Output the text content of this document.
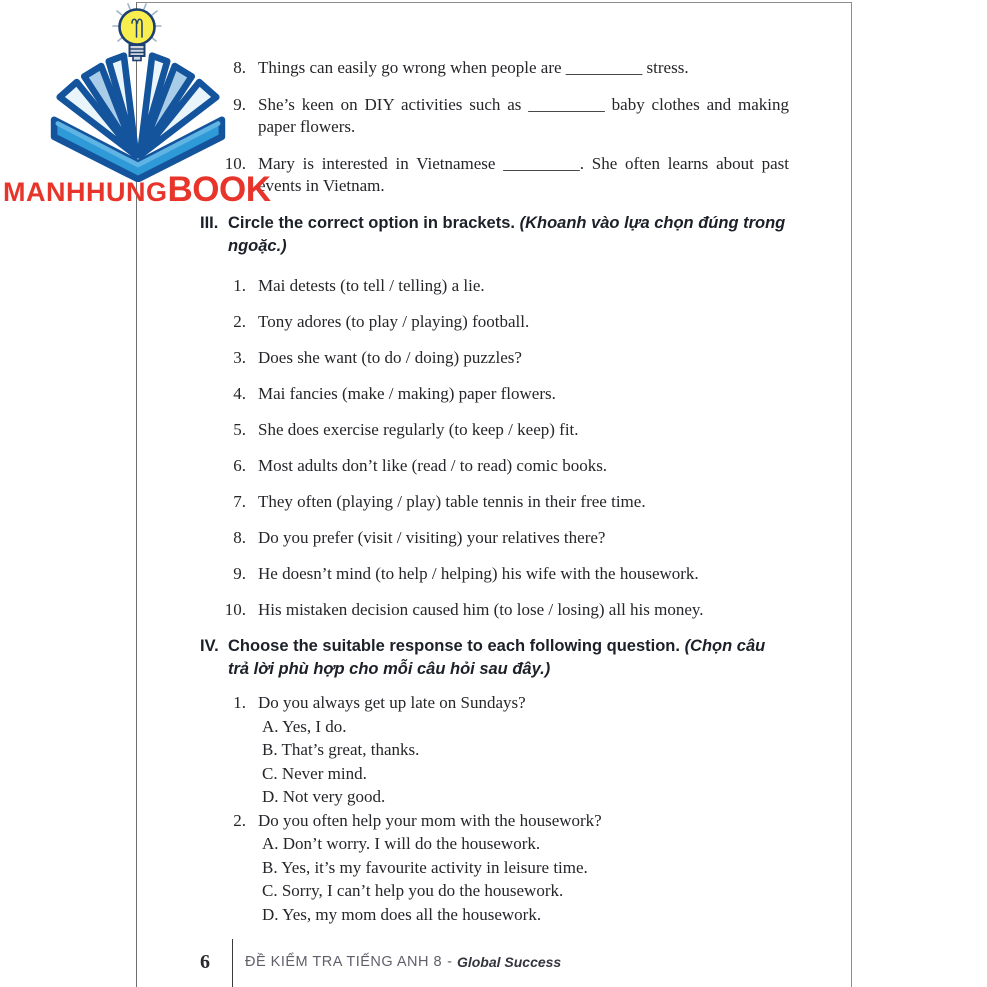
8. Things can easily go wrong when people are _________ stress.
9. She’s keen on DIY activities such as _________ baby clothes and making paper flowers.
10. Mary is interested in Vietnamese _________. She often learns about past events in Vietnam.
III. Circle the correct option in brackets. (Khoanh vào lựa chọn đúng trong ngoặc.)
1. Mai detests (to tell / telling) a lie.
2. Tony adores (to play / playing) football.
3. Does she want (to do / doing) puzzles?
4. Mai fancies (make / making) paper flowers.
5. She does exercise regularly (to keep / keep) fit.
6. Most adults don’t like (read / to read) comic books.
7. They often (playing / play) table tennis in their free time.
8. Do you prefer (visit / visiting) your relatives there?
9. He doesn’t mind (to help / helping) his wife with the housework.
10. His mistaken decision caused him (to lose / losing) all his money.
IV. Choose the suitable response to each following question. (Chọn câu trả lời phù hợp cho mỗi câu hỏi sau đây.)
1. Do you always get up late on Sundays?
A. Yes, I do.
B. That’s great, thanks.
C. Never mind.
D. Not very good.
2. Do you often help your mom with the housework?
A. Don’t worry. I will do the housework.
B. Yes, it’s my favourite activity in leisure time.
C. Sorry, I can’t help you do the housework.
D. Yes, my mom does all the housework.
6	ĐỀ KIỂM TRA TIẾNG ANH 8 - Global Success
MANHHUNG BOOK
